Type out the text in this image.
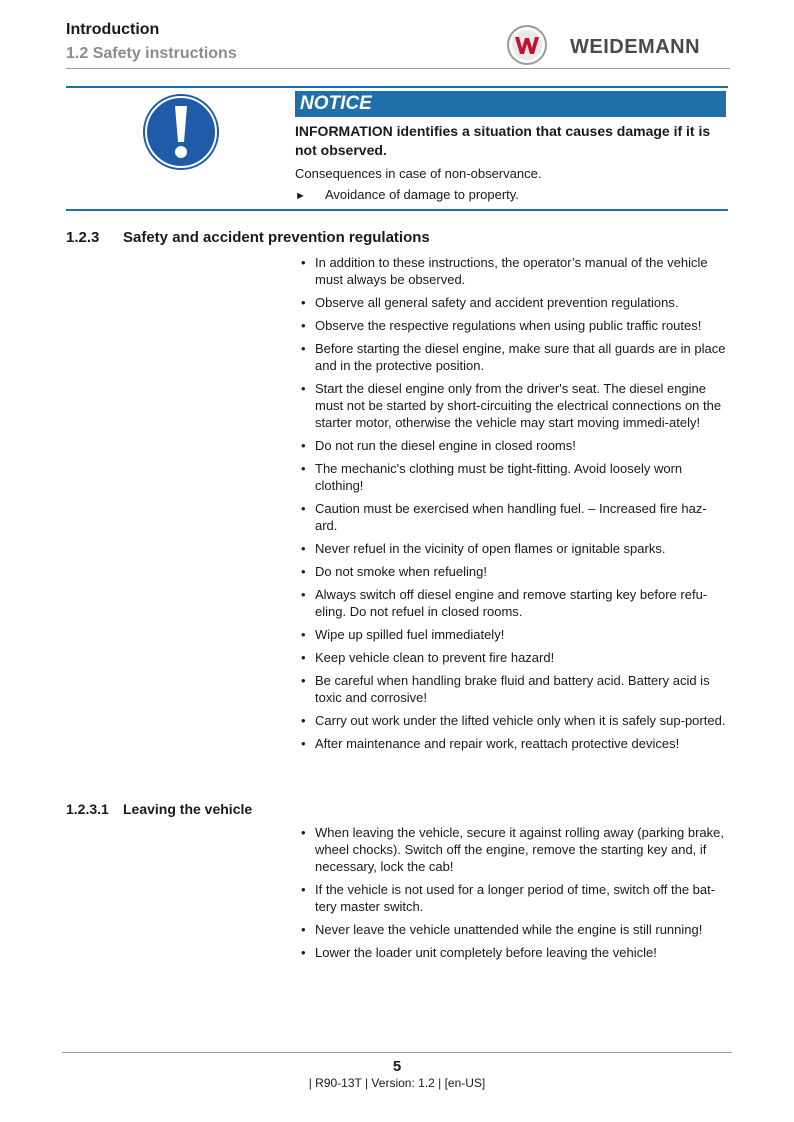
Introduction
1.2 Safety instructions	WEIDEMANN
NOTICE
INFORMATION identifies a situation that causes damage if it is not observed.
Consequences in case of non-observance.
► Avoidance of damage to property.
1.2.3 Safety and accident prevention regulations
• In addition to these instructions, the operator’s manual of the vehicle must always be observed.
• Observe all general safety and accident prevention regulations.
• Observe the respective regulations when using public traffic routes!
• Before starting the diesel engine, make sure that all guards are in place and in the protective position.
• Start the diesel engine only from the driver's seat. The diesel engine must not be started by short-circuiting the electrical connections on the starter motor, otherwise the vehicle may start moving immedi-ately!
• Do not run the diesel engine in closed rooms!
• The mechanic's clothing must be tight-fitting. Avoid loosely worn clothing!
• Caution must be exercised when handling fuel. – Increased fire haz-ard.
• Never refuel in the vicinity of open flames or ignitable sparks.
• Do not smoke when refueling!
• Always switch off diesel engine and remove starting key before refu-eling. Do not refuel in closed rooms.
• Wipe up spilled fuel immediately!
• Keep vehicle clean to prevent fire hazard!
• Be careful when handling brake fluid and battery acid. Battery acid is toxic and corrosive!
• Carry out work under the lifted vehicle only when it is safely sup-ported.
• After maintenance and repair work, reattach protective devices!
1.2.3.1 Leaving the vehicle
• When leaving the vehicle, secure it against rolling away (parking brake, wheel chocks). Switch off the engine, remove the starting key and, if necessary, lock the cab!
• If the vehicle is not used for a longer period of time, switch off the bat-tery master switch.
• Never leave the vehicle unattended while the engine is still running!
• Lower the loader unit completely before leaving the vehicle!
5
| R90-13T | Version: 1.2 | [en-US]
